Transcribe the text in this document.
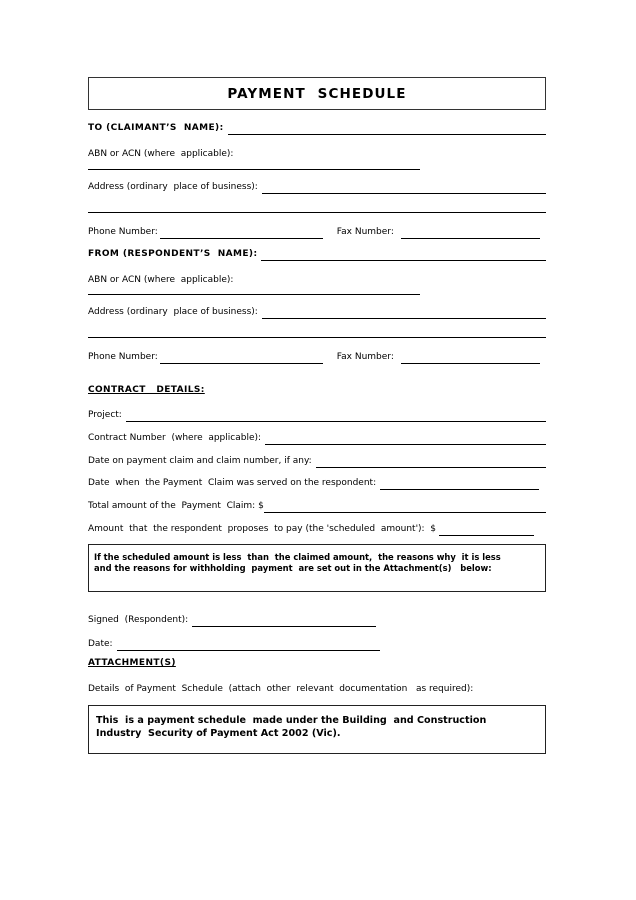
PAYMENT SCHEDULE
TO (CLAIMANT’S  NAME):
ABN or ACN (where  applicable):
Address (ordinary  place of business):
Phone Number:	Fax Number:
FROM (RESPONDENT’S  NAME):
ABN or ACN (where  applicable):
Address (ordinary  place of business):
Phone Number:	Fax Number:
CONTRACT   DETAILS:
Project:
Contract Number  (where  applicable):
Date on payment claim and claim number, if any:
Date  when  the Payment  Claim was served on the respondent:
Total amount of the  Payment  Claim: $
Amount  that  the respondent  proposes  to pay (the 'scheduled  amount'):  $
If the scheduled amount is less  than  the claimed amount,  the reasons why  it is less
and the reasons for withholding  payment  are set out in the Attachment(s)   below:
Signed  (Respondent):
Date:
ATTACHMENT(S)
Details  of Payment  Schedule  (attach  other  relevant  documentation   as required):
This  is a payment schedule  made under the Building  and Construction
Industry  Security of Payment Act 2002 (Vic).
